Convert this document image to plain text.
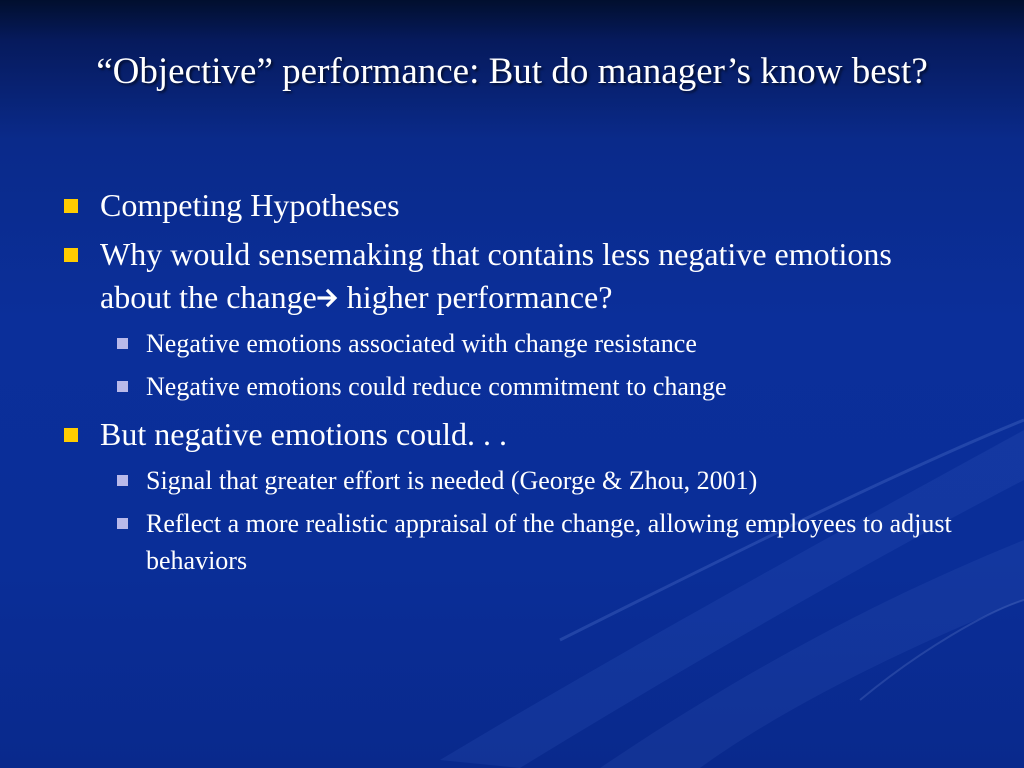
“Objective” performance: But do manager’s know best?
Competing Hypotheses
Why would sensemaking that contains less negative emotions about the change higher performance?
Negative emotions associated with change resistance
Negative emotions could reduce commitment to change
But negative emotions could. . .
Signal that greater effort is needed (George & Zhou, 2001)
Reflect a more realistic appraisal of the change, allowing employees to adjust behaviors
